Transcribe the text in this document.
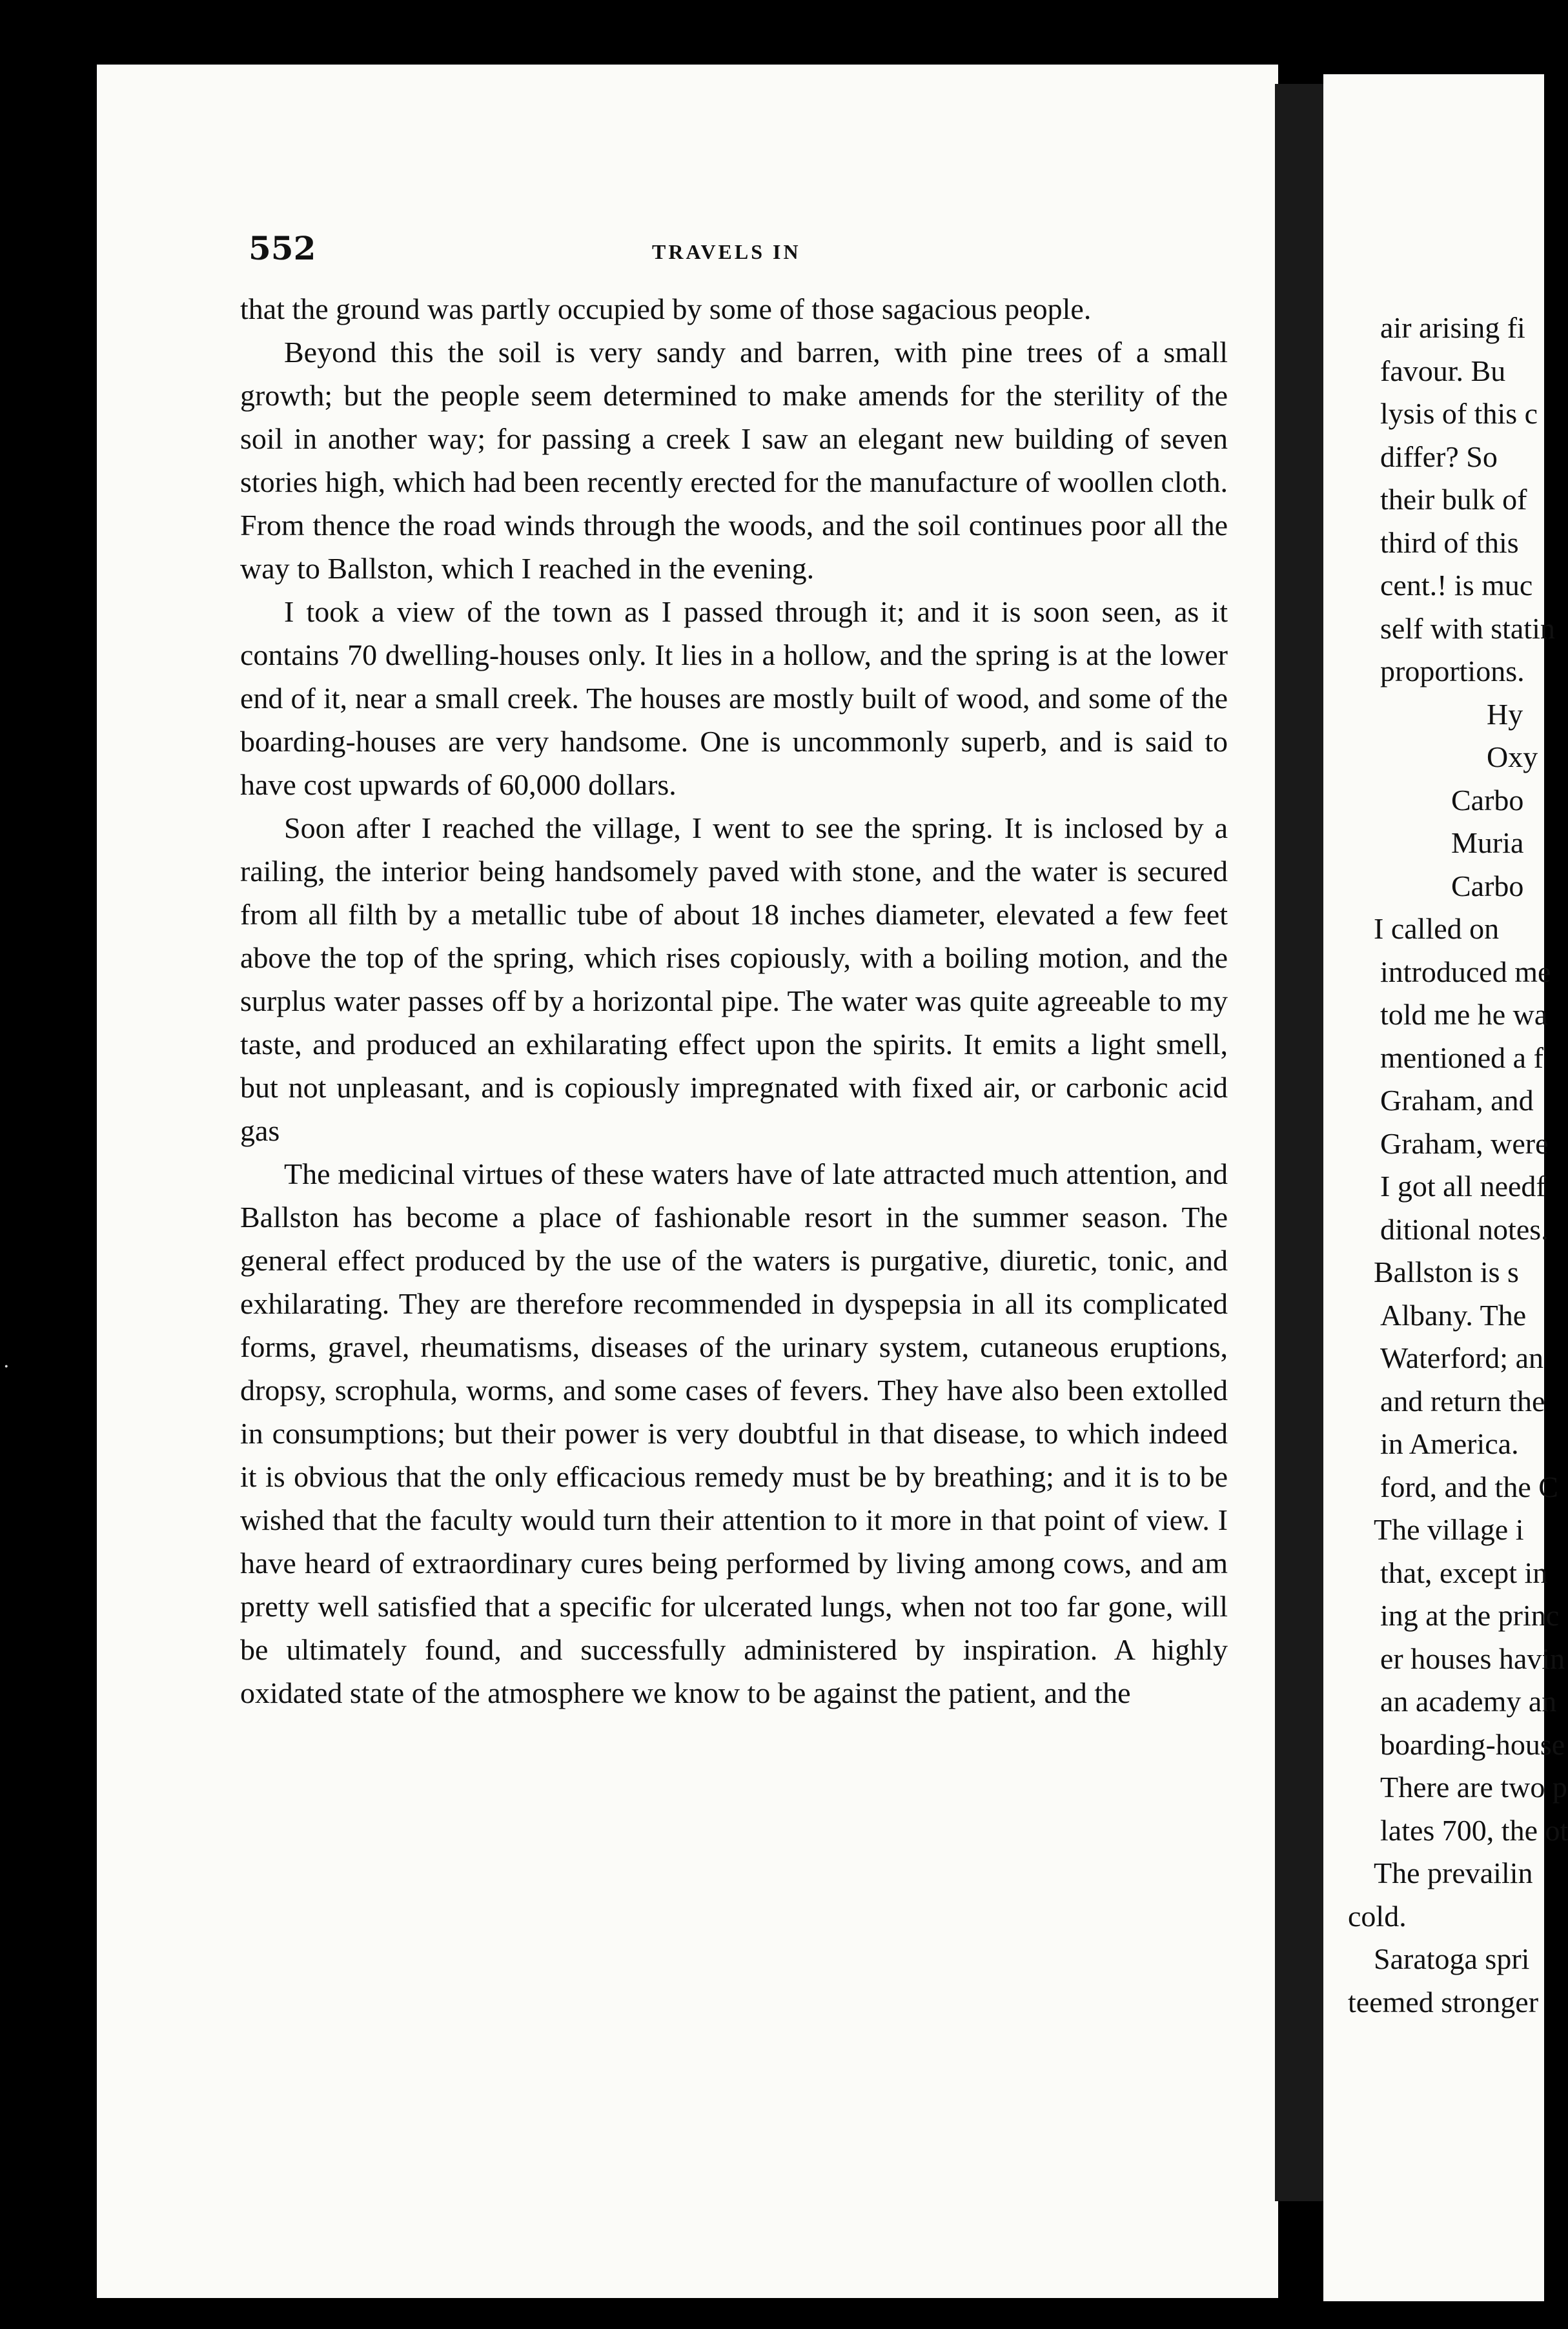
·
552	TRAVELS IN

that the ground was partly occupied by some of those sagacious people.

Beyond this the soil is very sandy and barren, with pine trees of a small growth; but the people seem determined to make amends for the sterility of the soil in another way; for passing a creek I saw an elegant new building of seven stories high, which had been recently erected for the manufacture of woollen cloth. From thence the road winds through the woods, and the soil continues poor all the way to Ballston, which I reached in the evening.

I took a view of the town as I passed through it; and it is soon seen, as it contains 70 dwelling-houses only. It lies in a hollow, and the spring is at the lower end of it, near a small creek. The houses are mostly built of wood, and some of the boarding-houses are very handsome. One is uncommonly superb, and is said to have cost upwards of 60,000 dollars.

Soon after I reached the village, I went to see the spring. It is inclosed by a railing, the interior being handsomely paved with stone, and the water is secured from all filth by a metallic tube of about 18 inches diameter, elevated a few feet above the top of the spring, which rises copiously, with a boiling motion, and the surplus water passes off by a horizontal pipe. The water was quite agreeable to my taste, and produced an exhilarating effect upon the spirits. It emits a light smell, but not unpleasant, and is copiously impregnated with fixed air, or carbonic acid gas

The medicinal virtues of these waters have of late attracted much attention, and Ballston has become a place of fashionable resort in the summer season. The general effect produced by the use of the waters is purgative, diuretic, tonic, and exhilarating. They are therefore recommended in dyspepsia in all its complicated forms, gravel, rheumatisms, diseases of the urinary system, cutaneous eruptions, dropsy, scrophula, worms, and some cases of fevers. They have also been extolled in consumptions; but their power is very doubtful in that disease, to which indeed it is obvious that the only efficacious remedy must be by breathing; and it is to be wished that the faculty would turn their attention to it more in that point of view. I have heard of extraordinary cures being performed by living among cows, and am pretty well satisfied that a specific for ulcerated lungs, when not too far gone, will be ultimately found, and successfully administered by inspiration. A highly oxidated state of the atmosphere we know to be against the patient, and the

air arising fi
favour. Bu
lysis of this c
differ? So
their bulk of
third of this
cent.! is muc
self with statin
proportions.
Hy
Oxy
Carbo
Muria
Carbo
I called on
introduced me
told me he wa
mentioned a f
Graham, and
Graham, were
I got all needf
ditional notes.
Ballston is s
Albany. The
Waterford; an
and return the
in America.
ford, and the C
The village i
that, except in
ing at the princ
er houses havin
an academy an
boarding-house
There are two p
lates 700, the ot
The prevailin
cold.
Saratoga spri
teemed stronger
